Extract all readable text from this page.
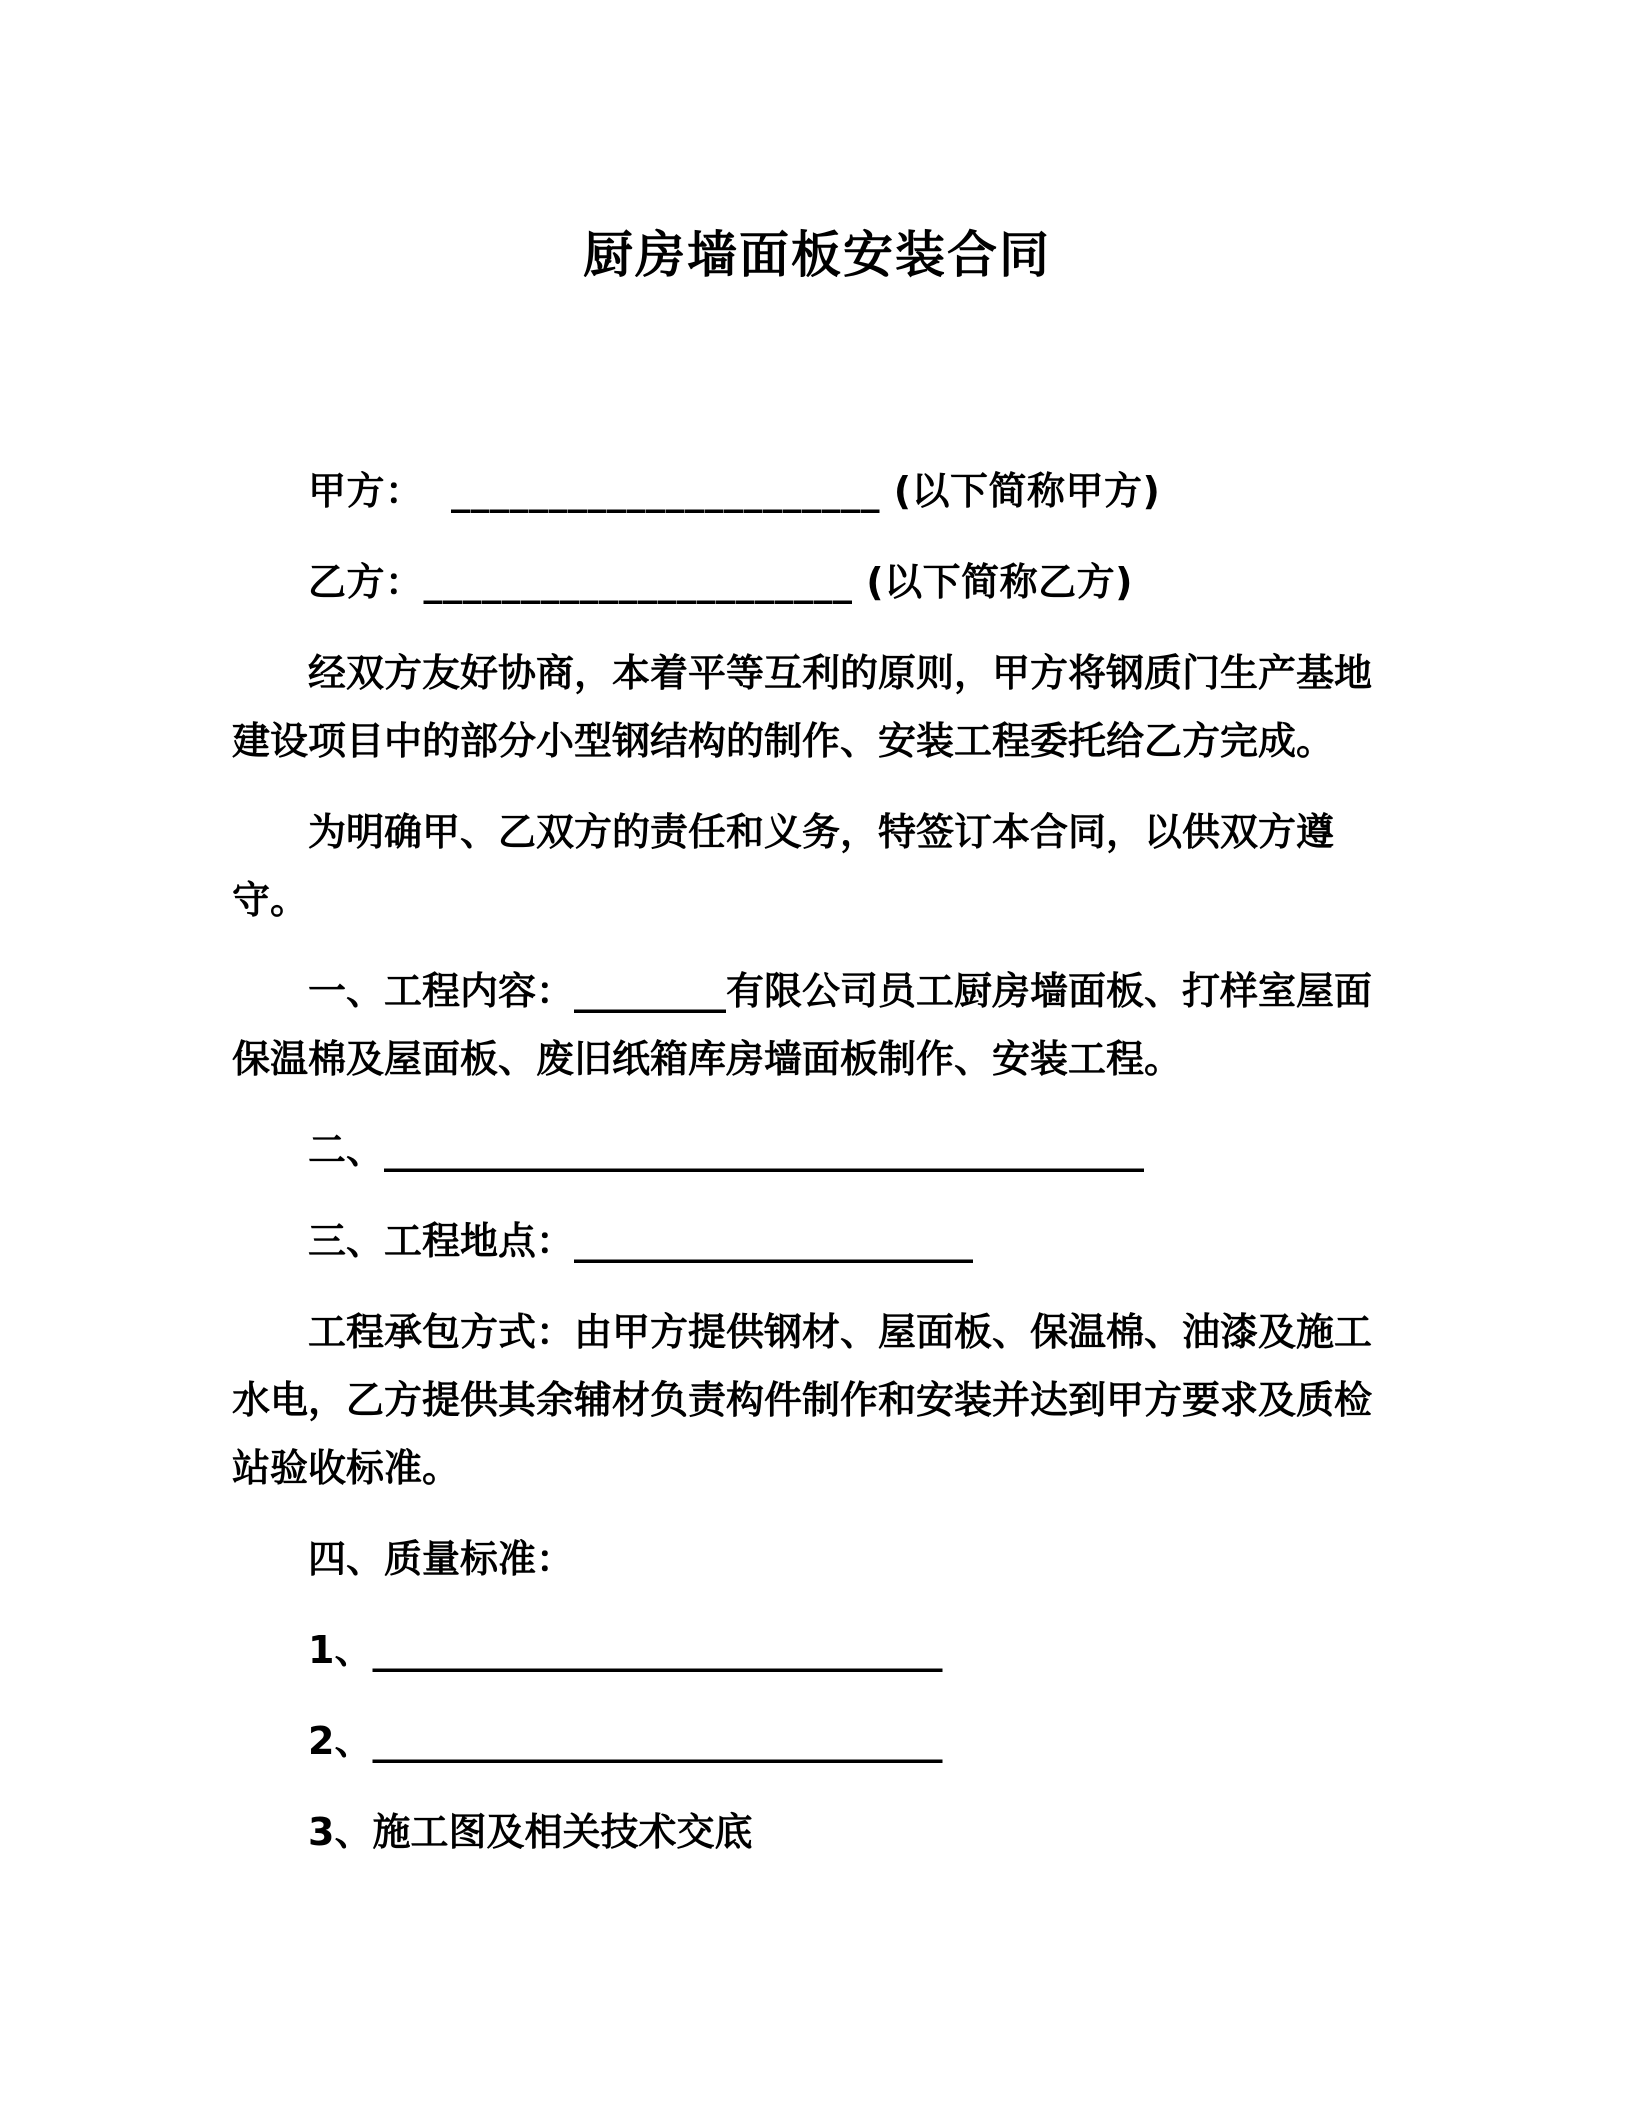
厨房墙面板安装合同

甲方：  ______________________ (以下简称甲方)

乙方：______________________ (以下简称乙方)

经双方友好协商，本着平等互利的原则，甲方将钢质门生产基地建设项目中的部分小型钢结构的制作、安装工程委托给乙方完成。

为明确甲、乙双方的责任和义务，特签订本合同，以供双方遵守。

一、工程内容：________有限公司员工厨房墙面板、打样室屋面保温棉及屋面板、废旧纸箱库房墙面板制作、安装工程。

二、________________________________________

三、工程地点：_____________________

工程承包方式：由甲方提供钢材、屋面板、保温棉、油漆及施工水电，乙方提供其余辅材负责构件制作和安装并达到甲方要求及质检站验收标准。

四、质量标准：

1、______________________________

2、______________________________

3、施工图及相关技术交底
